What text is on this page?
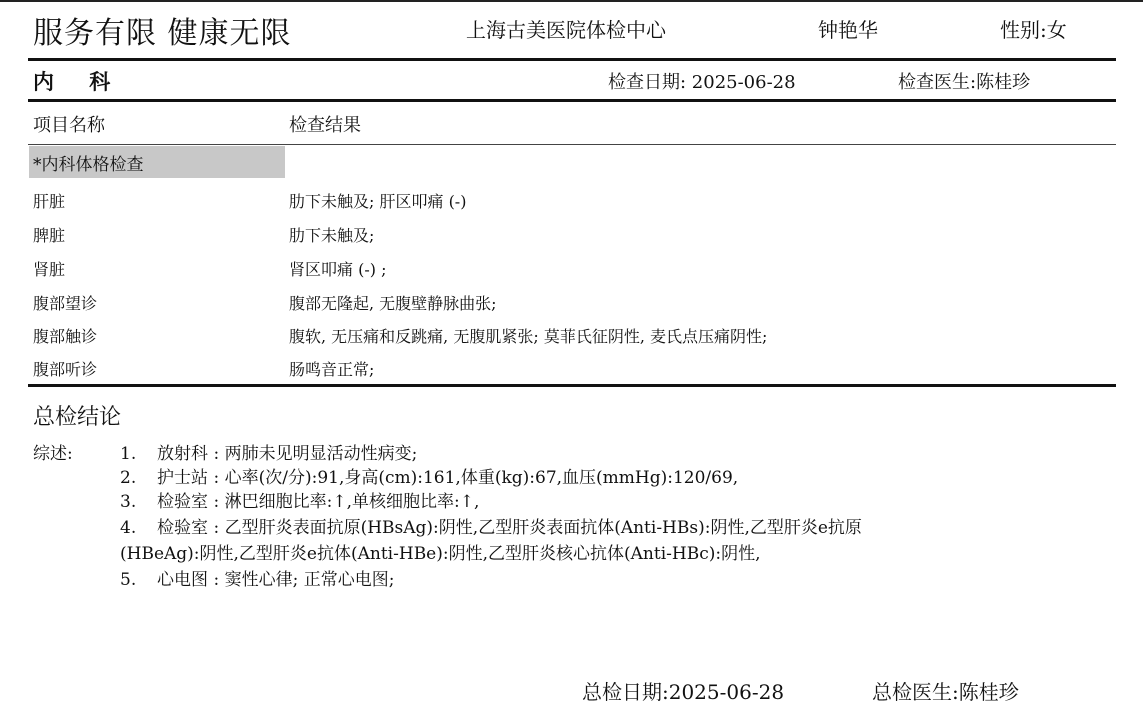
服务有限 健康无限	上海古美医院体检中心	钟艳华	性别:女
内 科	检查日期: 2025-06-28	检查医生:陈桂珍
项目名称	检查结果
*内科体格检查
肝脏	肋下未触及; 肝区叩痛 (-)
脾脏	肋下未触及;
肾脏	肾区叩痛 (-) ;
腹部望诊	腹部无隆起, 无腹壁静脉曲张;
腹部触诊	腹软, 无压痛和反跳痛, 无腹肌紧张; 莫菲氏征阴性, 麦氏点压痛阴性;
腹部听诊	肠鸣音正常;
总检结论
综述:	1. 放射科 : 两肺未见明显活动性病变;
2. 护士站 : 心率(次/分):91,身高(cm):161,体重(kg):67,血压(mmHg):120/69,
3. 检验室 : 淋巴细胞比率:↑,单核细胞比率:↑,
4. 检验室 : 乙型肝炎表面抗原(HBsAg):阴性,乙型肝炎表面抗体(Anti-HBs):阴性,乙型肝炎e抗原
(HBeAg):阴性,乙型肝炎e抗体(Anti-HBe):阴性,乙型肝炎核心抗体(Anti-HBc):阴性,
5. 心电图 : 窦性心律; 正常心电图;
总检日期:2025-06-28	总检医生:陈桂珍
